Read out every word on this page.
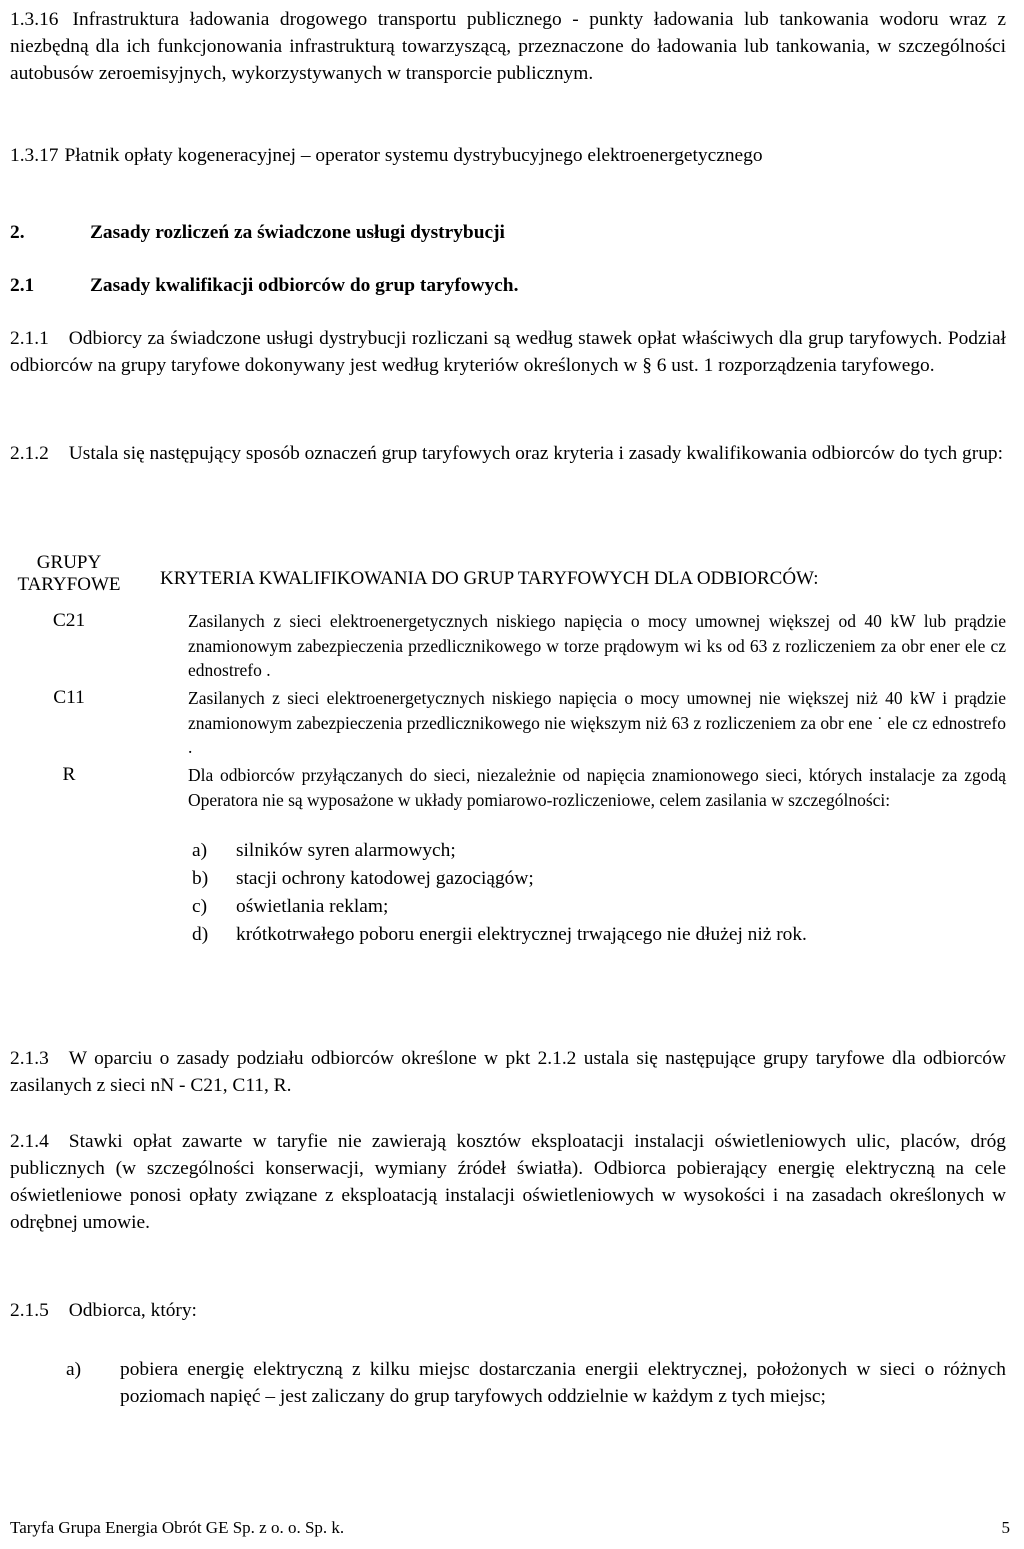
1.3.16 Infrastruktura ładowania drogowego transportu publicznego - punkty ładowania lub tankowania wodoru wraz z niezbędną dla ich funkcjonowania infrastrukturą towarzyszącą, przeznaczone do ładowania lub tankowania, w szczególności autobusów zeroemisyjnych, wykorzystywanych w transporcie publicznym.
1.3.17 Płatnik opłaty kogeneracyjnej – operator systemu dystrybucyjnego elektroenergetycznego
2.	Zasady rozliczeń za świadczone usługi dystrybucji
2.1	Zasady kwalifikacji odbiorców do grup taryfowych.
2.1.1 Odbiorcy za świadczone usługi dystrybucji rozliczani są według stawek opłat właściwych dla grup taryfowych. Podział odbiorców na grupy taryfowe dokonywany jest według kryteriów określonych w § 6 ust. 1 rozporządzenia taryfowego.
2.1.2 Ustala się następujący sposób oznaczeń grup taryfowych oraz kryteria i zasady kwalifikowania odbiorców do tych grup:
GRUPY TARYFOWE	KRYTERIA KWALIFIKOWANIA DO GRUP TARYFOWYCH DLA ODBIORCÓW:
C21	Zasilanych z sieci elektroenergetycznych niskiego napięcia o mocy umownej większej od 40 kW lub prądzie znamionowym zabezpieczenia przedlicznikowego w torze prądowym wi ks od 63 z rozliczeniem za obr ener ele cz ednostrefo .
C11	Zasilanych z sieci elektroenergetycznych niskiego napięcia o mocy umownej nie większej niż 40 kW i prądzie znamionowym zabezpieczenia przedlicznikowego nie większym niż 63 z rozliczeniem za obr ene ˙ ele cz ednostrefo .
R	Dla odbiorców przyłączanych do sieci, niezależnie od napięcia znamionowego sieci, których instalacje za zgodą Operatora nie są wyposażone w układy pomiarowo-rozliczeniowe, celem zasilania w szczególności:
a) silników syren alarmowych;
b) stacji ochrony katodowej gazociągów;
c) oświetlania reklam;
d) krótkotrwałego poboru energii elektrycznej trwającego nie dłużej niż rok.
2.1.3 W oparciu o zasady podziału odbiorców określone w pkt 2.1.2 ustala się następujące grupy taryfowe dla odbiorców zasilanych z sieci nN - C21, C11, R.
2.1.4 Stawki opłat zawarte w taryfie nie zawierają kosztów eksploatacji instalacji oświetleniowych ulic, placów, dróg publicznych (w szczególności konserwacji, wymiany źródeł światła). Odbiorca pobierający energię elektryczną na cele oświetleniowe ponosi opłaty związane z eksploatacją instalacji oświetleniowych w wysokości i na zasadach określonych w odrębnej umowie.
2.1.5 Odbiorca, który:
a) pobiera energię elektryczną z kilku miejsc dostarczania energii elektrycznej, położonych w sieci o różnych poziomach napięć – jest zaliczany do grup taryfowych oddzielnie w każdym z tych miejsc;
Taryfa Grupa Energia Obrót GE Sp. z o. o. Sp. k.	5
